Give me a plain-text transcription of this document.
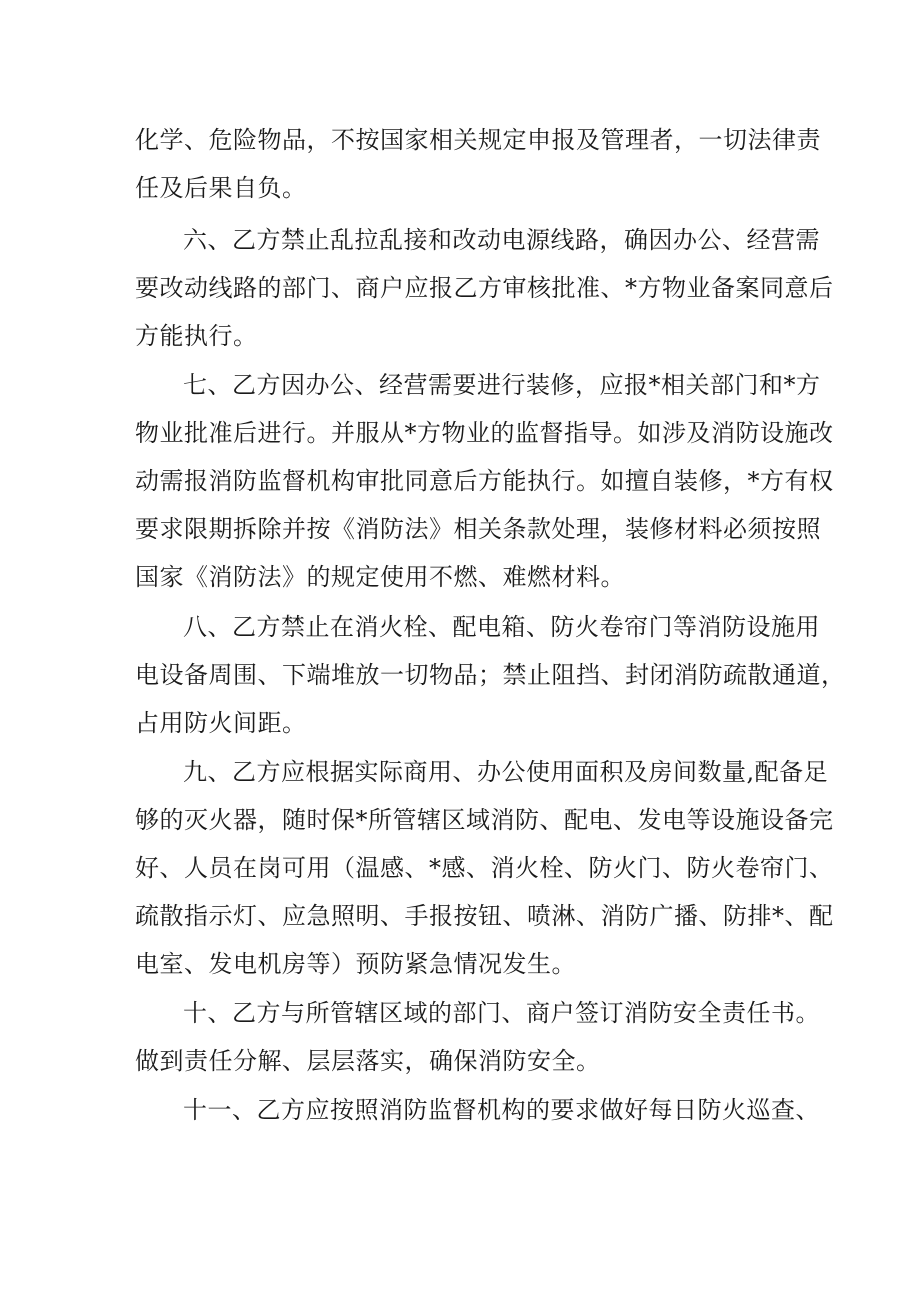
化学、危险物品，不按国家相关规定申报及管理者，一切法律责
任及后果自负。
六、乙方禁止乱拉乱接和改动电源线路，确因办公、经营需
要改动线路的部门、商户应报乙方审核批准、*方物业备案同意后
方能执行。
七、乙方因办公、经营需要进行装修，应报*相关部门和*方
物业批准后进行。并服从*方物业的监督指导。如涉及消防设施改
动需报消防监督机构审批同意后方能执行。如擅自装修，*方有权
要求限期拆除并按《消防法》相关条款处理，装修材料必须按照
国家《消防法》的规定使用不燃、难燃材料。
八、乙方禁止在消火栓、配电箱、防火卷帘门等消防设施用
电设备周围、下端堆放一切物品；禁止阻挡、封闭消防疏散通道，
占用防火间距。
九、乙方应根据实际商用、办公使用面积及房间数量,配备足
够的灭火器，随时保*所管辖区域消防、配电、发电等设施设备完
好、人员在岗可用（温感、*感、消火栓、防火门、防火卷帘门、
疏散指示灯、应急照明、手报按钮、喷淋、消防广播、防排*、配
电室、发电机房等）预防紧急情况发生。
十、乙方与所管辖区域的部门、商户签订消防安全责任书。
做到责任分解、层层落实，确保消防安全。
十一、乙方应按照消防监督机构的要求做好每日防火巡查、
